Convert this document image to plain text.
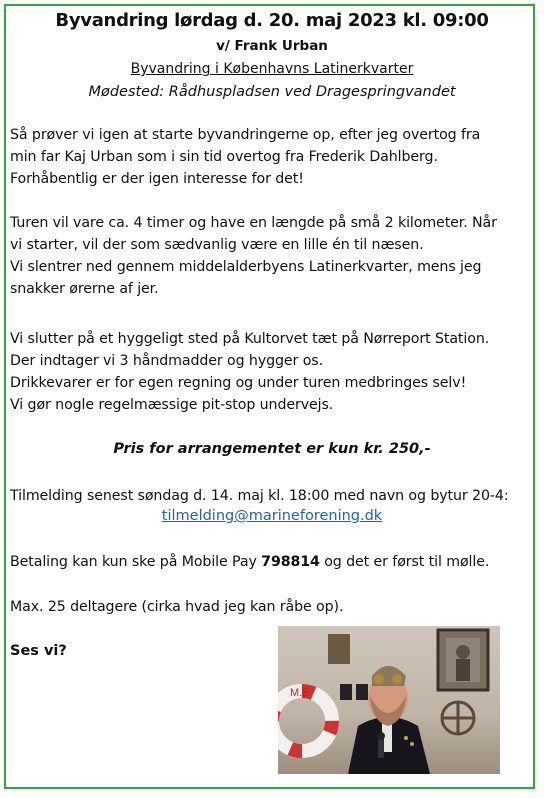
Byvandring lørdag d. 20. maj 2023 kl. 09:00
v/ Frank Urban
Byvandring i Københavns Latinerkvarter
Mødested: Rådhuspladsen ved Dragespringvandet
Så prøver vi igen at starte byvandringerne op, efter jeg overtog fra
min far Kaj Urban som i sin tid overtog fra Frederik Dahlberg.
Forhåbentlig er der igen interesse for det!
Turen vil vare ca. 4 timer og have en længde på små 2 kilometer. Når
vi starter, vil der som sædvanlig være en lille én til næsen.
Vi slentrer ned gennem middelalderbyens Latinerkvarter, mens jeg
snakker ørerne af jer.
Vi slutter på et hyggeligt sted på Kultorvet tæt på Nørreport Station.
Der indtager vi 3 håndmadder og hygger os.
Drikkevarer er for egen regning og under turen medbringes selv!
Vi gør nogle regelmæssige pit-stop undervejs.
Pris for arrangementet er kun kr. 250,-
Tilmelding senest søndag d. 14. maj kl. 18:00 med navn og bytur 20-4:
tilmelding@marineforening.dk
Betaling kan kun ske på Mobile Pay 798814 og det er først til mølle.
Max. 25 deltagere (cirka hvad jeg kan råbe op).
Ses vi?
M.E
